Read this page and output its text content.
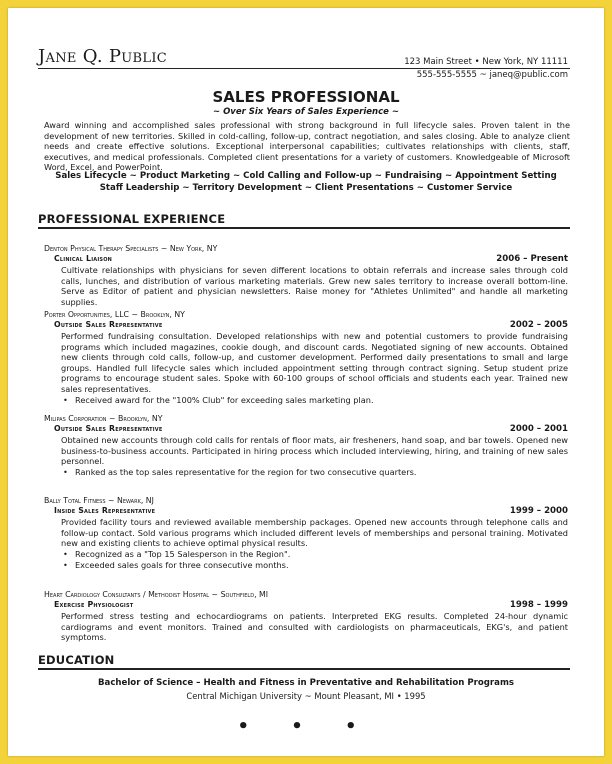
Jane Q. Public	123 Main Street • New York, NY 11111
555-555-5555 ~ janeq@public.com
SALES PROFESSIONAL
~ Over Six Years of Sales Experience ~
Award winning and accomplished sales professional with strong background in full lifecycle sales. Proven talent in the development of new territories. Skilled in cold-calling, follow-up, contract negotiation, and sales closing. Able to analyze client needs and create effective solutions. Exceptional interpersonal capabilities; cultivates relationships with clients, staff, executives, and medical professionals. Completed client presentations for a variety of customers. Knowledgeable of Microsoft Word, Excel, and PowerPoint.
Sales Lifecycle ~ Product Marketing ~ Cold Calling and Follow-up ~ Fundraising ~ Appointment Setting
Staff Leadership ~ Territory Development ~ Client Presentations ~ Customer Service
PROFESSIONAL EXPERIENCE
Denton Physical Therapy Specialists ~ New York, NY
Clinical Liaison	2006 – Present
Cultivate relationships with physicians for seven different locations to obtain referrals and increase sales through cold calls, lunches, and distribution of various marketing materials. Grew new sales territory to increase overall bottom-line. Serve as Editor of patient and physician newsletters. Raise money for "Athletes Unlimited" and handle all marketing supplies.
Porter Opportunities, LLC ~ Brooklyn, NY
Outside Sales Representative	2002 – 2005
Performed fundraising consultation. Developed relationships with new and potential customers to provide fundraising programs which included magazines, cookie dough, and discount cards. Negotiated signing of new accounts. Obtained new clients through cold calls, follow-up, and customer development. Performed daily presentations to small and large groups. Handled full lifecycle sales which included appointment setting through contract signing. Setup student prize programs to encourage student sales. Spoke with 60-100 groups of school officials and students each year. Trained new sales representatives.
• Received award for the "100% Club" for exceeding sales marketing plan.
Milipas Corporation ~ Brooklyn, NY
Outside Sales Representative	2000 – 2001
Obtained new accounts through cold calls for rentals of floor mats, air fresheners, hand soap, and bar towels. Opened new business-to-business accounts. Participated in hiring process which included interviewing, hiring, and training of new sales personnel.
• Ranked as the top sales representative for the region for two consecutive quarters.
Bally Total Fitness ~ Newark, NJ
Inside Sales Representative	1999 – 2000
Provided facility tours and reviewed available membership packages. Opened new accounts through telephone calls and follow-up contact. Sold various programs which included different levels of memberships and personal training. Motivated new and existing clients to achieve optimal physical results.
• Recognized as a "Top 15 Salesperson in the Region".
• Exceeded sales goals for three consecutive months.
Heart Cardiology Consultants / Methodist Hospital ~ Southfield, MI
Exercise Physiologist	1998 – 1999
Performed stress testing and echocardiograms on patients. Interpreted EKG results. Completed 24-hour dynamic cardiograms and event monitors. Trained and consulted with cardiologists on pharmaceuticals, EKG's, and patient symptoms.
EDUCATION
Bachelor of Science – Health and Fitness in Preventative and Rehabilitation Programs
Central Michigan University ~ Mount Pleasant, MI • 1995
• • •
